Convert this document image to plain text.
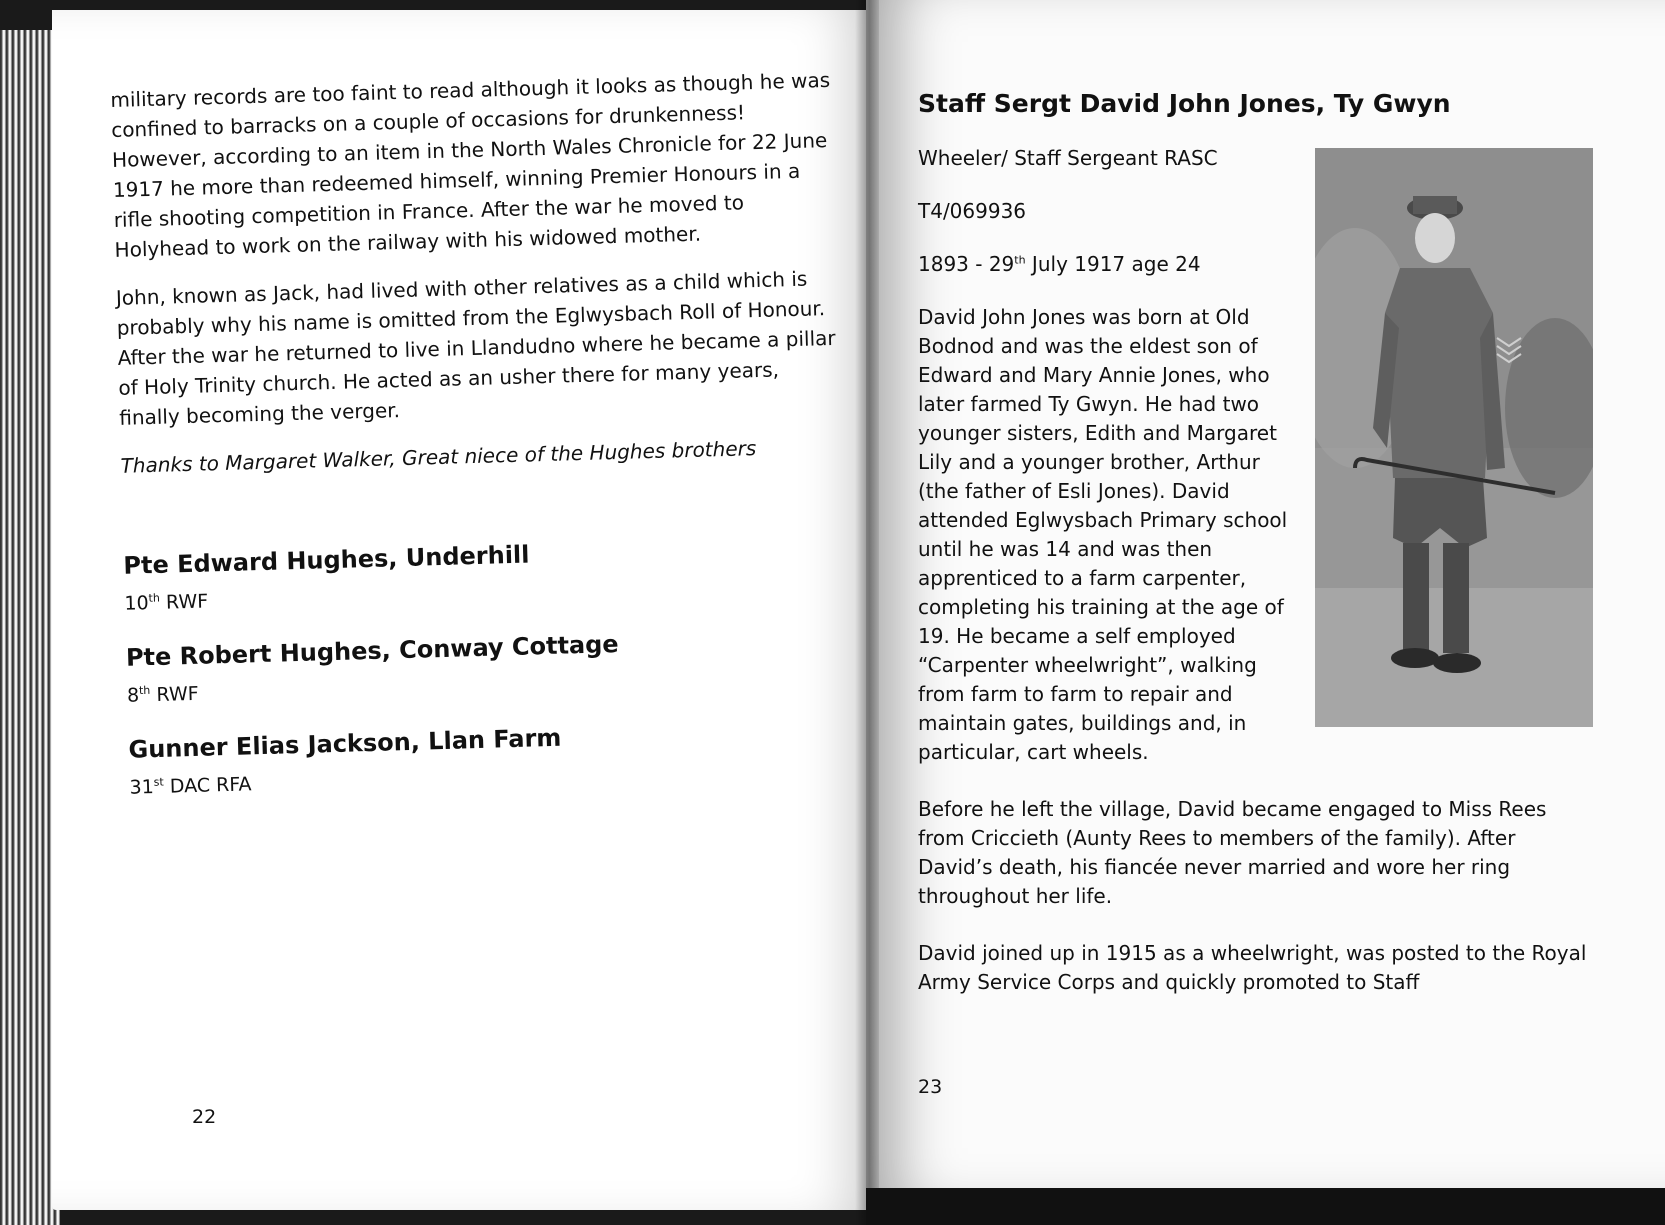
military records are too faint to read although it looks as though he was confined to barracks on a couple of occasions for drunkenness! However, according to an item in the North Wales Chronicle for 22 June 1917 he more than redeemed himself, winning Premier Honours in a rifle shooting competition in France. After the war he moved to Holyhead to work on the railway with his widowed mother.

John, known as Jack, had lived with other relatives as a child which is probably why his name is omitted from the Eglwysbach Roll of Honour. After the war he returned to live in Llandudno where he became a pillar of Holy Trinity church. He acted as an usher there for many years, finally becoming the verger.

Thanks to Margaret Walker, Great niece of the Hughes brothers

Pte Edward Hughes, Underhill
10th RWF
Pte Robert Hughes, Conway Cottage
8th RWF
Gunner Elias Jackson, Llan Farm
31st DAC RFA
22
Staff Sergt David John Jones, Ty Gwyn

Wheeler/ Staff Sergeant RASC

T4/069936

1893 - 29th July 1917 age 24

David John Jones was born at Old Bodnod and was the eldest son of Edward and Mary Annie Jones, who later farmed Ty Gwyn. He had two younger sisters, Edith and Margaret Lily and a younger brother, Arthur (the father of Esli Jones). David attended Eglwysbach Primary school until he was 14 and was then apprenticed to a farm carpenter, completing his training at the age of 19. He became a self employed “Carpenter wheelwright”, walking from farm to farm to repair and maintain gates, buildings and, in particular, cart wheels.

Before he left the village, David became engaged to Miss Rees from Criccieth (Aunty Rees to members of the family). After David’s death, his fiancée never married and wore her ring throughout her life.

David joined up in 1915 as a wheelwright, was posted to the Royal Army Service Corps and quickly promoted to Staff

23
